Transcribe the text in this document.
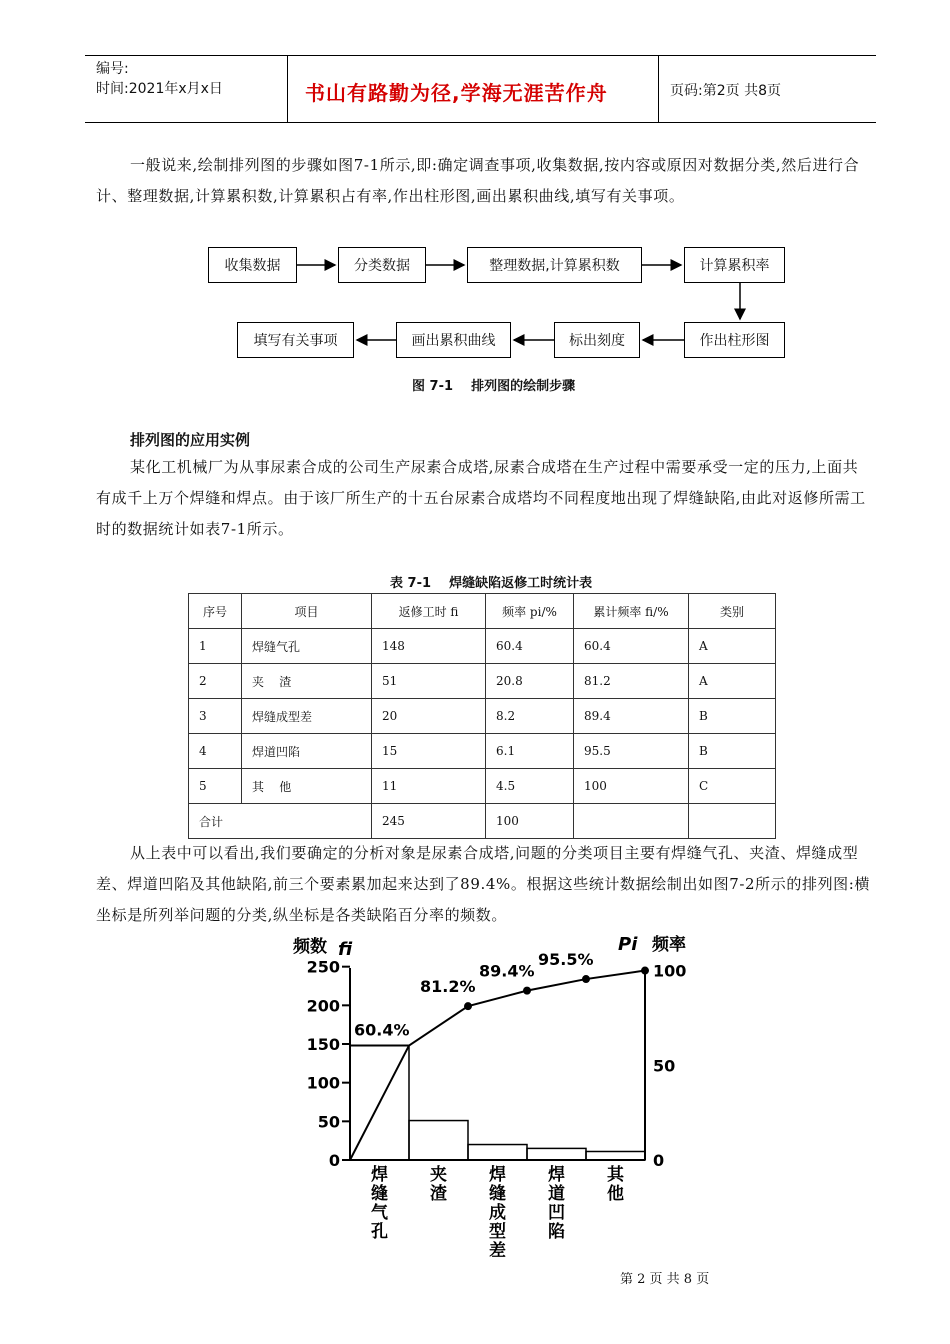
编号:
时间:2021年x月x日	书山有路勤为径,学海无涯苦作舟	页码:第2页 共8页
一般说来,绘制排列图的步骤如图7-1所示,即:确定调查事项,收集数据,按内容或原因对数据分类,然后进行合计、整理数据,计算累积数,计算累积占有率,作出柱形图,画出累积曲线,填写有关事项。
收集数据	分类数据	整理数据,计算累积数	计算累积率
作出柱形图
标出刻度
画出累积曲线
填写有关事项
图 7-1    排列图的绘制步骤
排列图的应用实例
某化工机械厂为从事尿素合成的公司生产尿素合成塔,尿素合成塔在生产过程中需要承受一定的压力,上面共有成千上万个焊缝和焊点。由于该厂所生产的十五台尿素合成塔均不同程度地出现了焊缝缺陷,由此对返修所需工时的数据统计如表7-1所示。
表 7-1    焊缝缺陷返修工时统计表
序号	项目	返修工时 fi	频率 pi/%	累计频率 fi/%	类别
1	焊缝气孔	148	60.4	60.4	A
2	夹    渣	51	20.8	81.2	A
3	焊缝成型差	20	8.2	89.4	B
4	焊道凹陷	15	6.1	95.5	B
5	其    他	11	4.5	100	C
合计		245	100		
从上表中可以看出,我们要确定的分析对象是尿素合成塔,问题的分类项目主要有焊缝气孔、夹渣、焊缝成型差、焊道凹陷及其他缺陷,前三个要素累加起来达到了89.4%。根据这些统计数据绘制出如图7-2所示的排列图:横坐标是所列举问题的分类,纵坐标是各类缺陷百分率的频数。
0
50
100
150
200
250
0
50
100
频数 fi	Pi 频率
60.4%
81.2%
89.4%
95.5%
焊
缝
气
孔
夹
渣
焊
缝
成
型
差
焊
道
凹
陷
其
他
第 2 页 共 8 页
